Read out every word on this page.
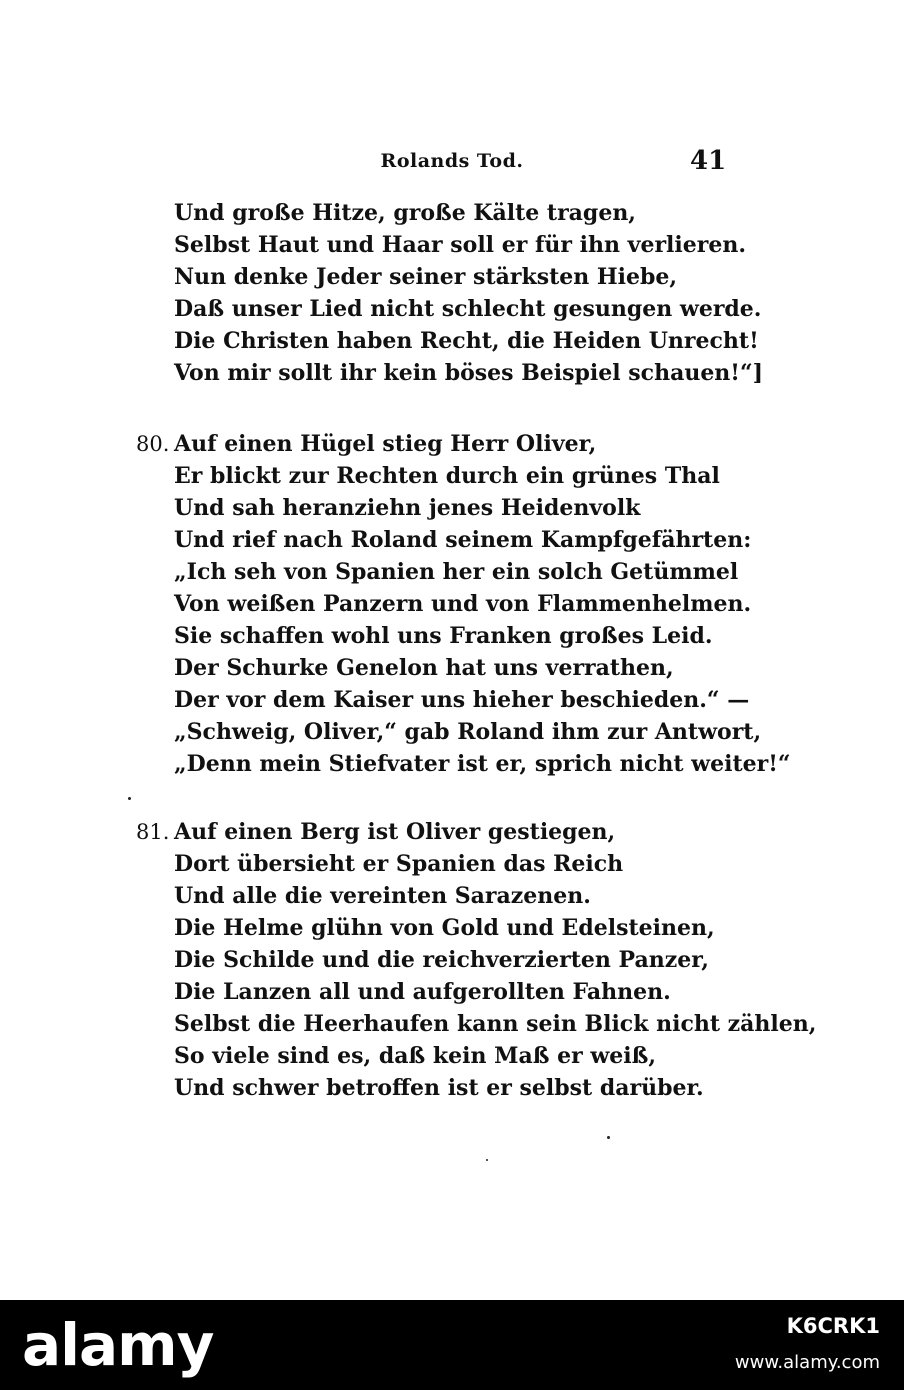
Rolands Tod.	41
Und große Hitze, große Kälte tragen,
Selbst Haut und Haar soll er für ihn verlieren.
Nun denke Jeder seiner stärksten Hiebe,
Daß unser Lied nicht schlecht gesungen werde.
Die Christen haben Recht, die Heiden Unrecht!
Von mir sollt ihr kein böses Beispiel schauen!“]
80. Auf einen Hügel stieg Herr Oliver,
Er blickt zur Rechten durch ein grünes Thal
Und sah heranziehn jenes Heidenvolk
Und rief nach Roland seinem Kampfgefährten:
„Ich seh von Spanien her ein solch Getümmel
Von weißen Panzern und von Flammenhelmen.
Sie schaffen wohl uns Franken großes Leid.
Der Schurke Genelon hat uns verrathen,
Der vor dem Kaiser uns hieher beschieden.“ —
„Schweig, Oliver,“ gab Roland ihm zur Antwort,
„Denn mein Stiefvater ist er, sprich nicht weiter!“
81. Auf einen Berg ist Oliver gestiegen,
Dort übersieht er Spanien das Reich
Und alle die vereinten Sarazenen.
Die Helme glühn von Gold und Edelsteinen,
Die Schilde und die reichverzierten Panzer,
Die Lanzen all und aufgerollten Fahnen.
Selbst die Heerhaufen kann sein Blick nicht zählen,
So viele sind es, daß kein Maß er weiß,
Und schwer betroffen ist er selbst darüber.
alamy	K6CRK1
www.alamy.com
